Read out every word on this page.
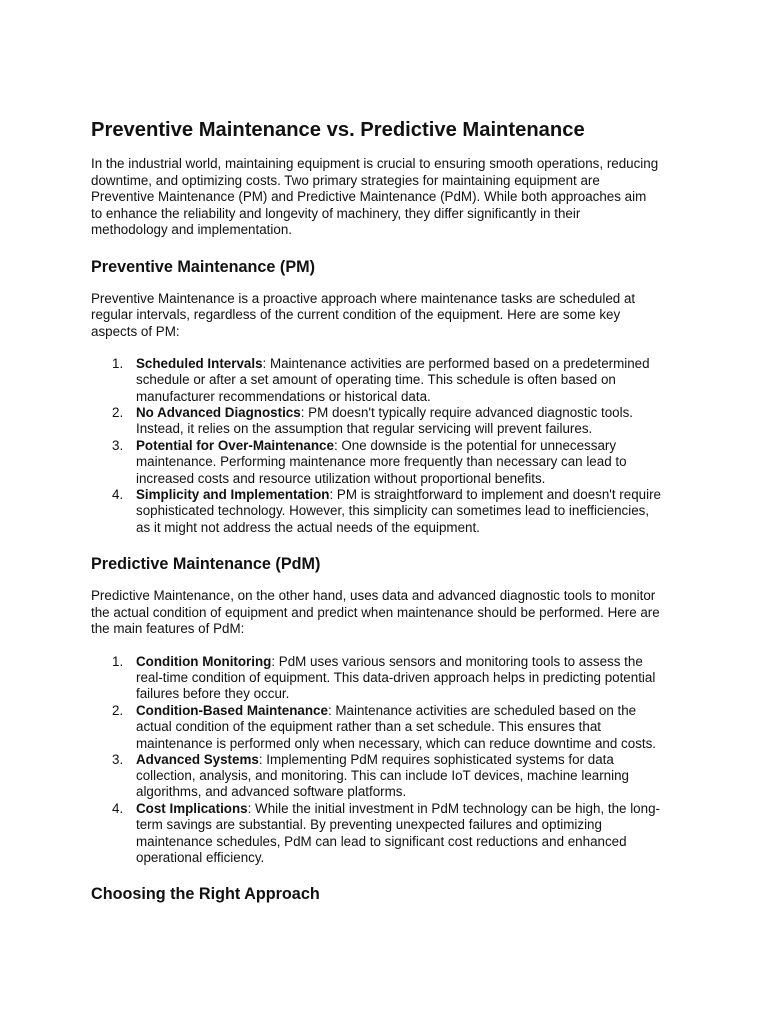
Preventive Maintenance vs. Predictive Maintenance
In the industrial world, maintaining equipment is crucial to ensuring smooth operations, reducing
downtime, and optimizing costs. Two primary strategies for maintaining equipment are
Preventive Maintenance (PM) and Predictive Maintenance (PdM). While both approaches aim
to enhance the reliability and longevity of machinery, they differ significantly in their
methodology and implementation.
Preventive Maintenance (PM)
Preventive Maintenance is a proactive approach where maintenance tasks are scheduled at
regular intervals, regardless of the current condition of the equipment. Here are some key
aspects of PM:
1. Scheduled Intervals: Maintenance activities are performed based on a predetermined
schedule or after a set amount of operating time. This schedule is often based on
manufacturer recommendations or historical data.
2. No Advanced Diagnostics: PM doesn't typically require advanced diagnostic tools.
Instead, it relies on the assumption that regular servicing will prevent failures.
3. Potential for Over-Maintenance: One downside is the potential for unnecessary
maintenance. Performing maintenance more frequently than necessary can lead to
increased costs and resource utilization without proportional benefits.
4. Simplicity and Implementation: PM is straightforward to implement and doesn't require
sophisticated technology. However, this simplicity can sometimes lead to inefficiencies,
as it might not address the actual needs of the equipment.
Predictive Maintenance (PdM)
Predictive Maintenance, on the other hand, uses data and advanced diagnostic tools to monitor
the actual condition of equipment and predict when maintenance should be performed. Here are
the main features of PdM:
1. Condition Monitoring: PdM uses various sensors and monitoring tools to assess the
real-time condition of equipment. This data-driven approach helps in predicting potential
failures before they occur.
2. Condition-Based Maintenance: Maintenance activities are scheduled based on the
actual condition of the equipment rather than a set schedule. This ensures that
maintenance is performed only when necessary, which can reduce downtime and costs.
3. Advanced Systems: Implementing PdM requires sophisticated systems for data
collection, analysis, and monitoring. This can include IoT devices, machine learning
algorithms, and advanced software platforms.
4. Cost Implications: While the initial investment in PdM technology can be high, the long-
term savings are substantial. By preventing unexpected failures and optimizing
maintenance schedules, PdM can lead to significant cost reductions and enhanced
operational efficiency.
Choosing the Right Approach
